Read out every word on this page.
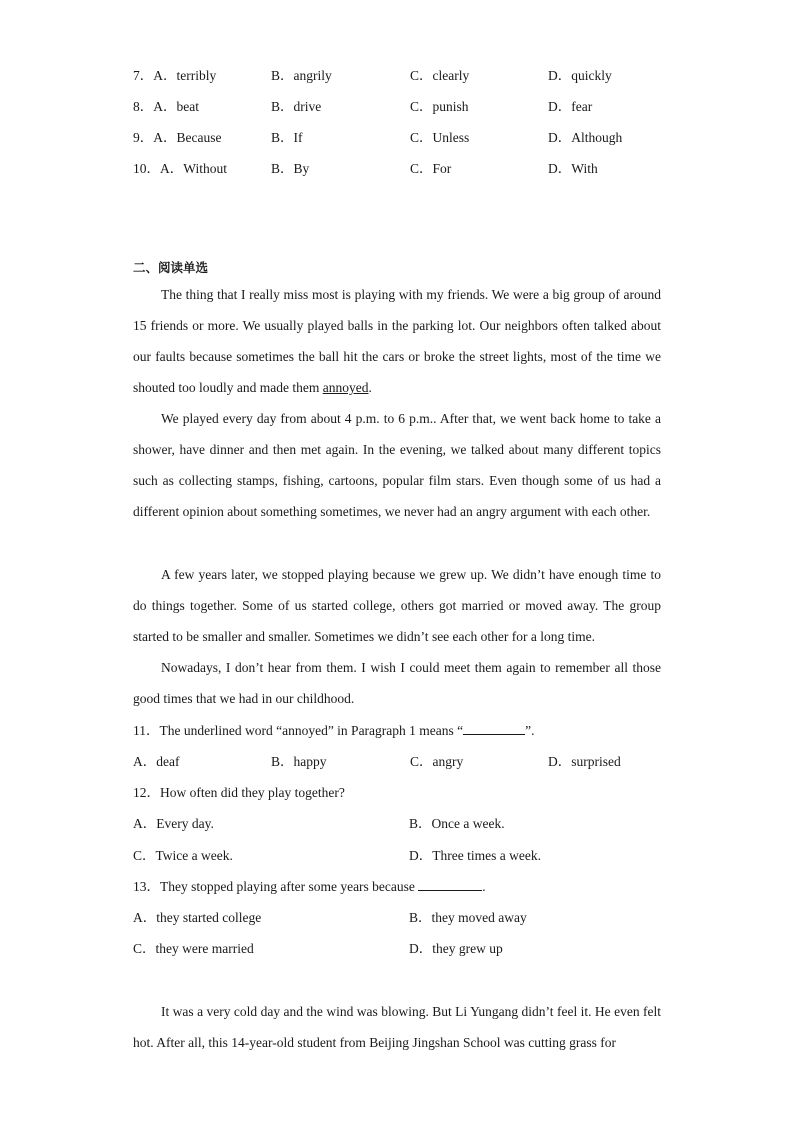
7．A．terribly	B．angrily	C．clearly	D．quickly
8．A．beat	B．drive	C．punish	D．fear
9．A．Because	B．If	C．Unless	D．Although
10．A．Without	B．By	C．For	D．With
二、阅读单选

The thing that I really miss most is playing with my friends. We were a big group of around 15 friends or more. We usually played balls in the parking lot. Our neighbors often talked about our faults because sometimes the ball hit the cars or broke the street lights, most of the time we shouted too loudly and made them annoyed.

We played every day from about 4 p.m. to 6 p.m.. After that, we went back home to take a shower, have dinner and then met again. In the evening, we talked about many different topics such as collecting stamps, fishing, cartoons, popular film stars. Even though some of us had a different opinion about something sometimes, we never had an angry argument with each other.

A few years later, we stopped playing because we grew up. We didn’t have enough time to do things together. Some of us started college, others got married or moved away. The group started to be smaller and smaller. Sometimes we didn’t see each other for a long time.

Nowadays, I don’t hear from them. I wish I could meet them again to remember all those good times that we had in our childhood.

11．The underlined word “annoyed” in Paragraph 1 means “	”.
A．deaf	B．happy	C．angry	D．surprised
12．How often did they play together?
A．Every day.	B．Once a week.
C．Twice a week.	D．Three times a week.
13．They stopped playing after some years because	.
A．they started college	B．they moved away
C．they were married	D．they grew up

It was a very cold day and the wind was blowing. But Li Yungang didn’t feel it. He even felt hot. After all, this 14-year-old student from Beijing Jingshan School was cutting grass for
